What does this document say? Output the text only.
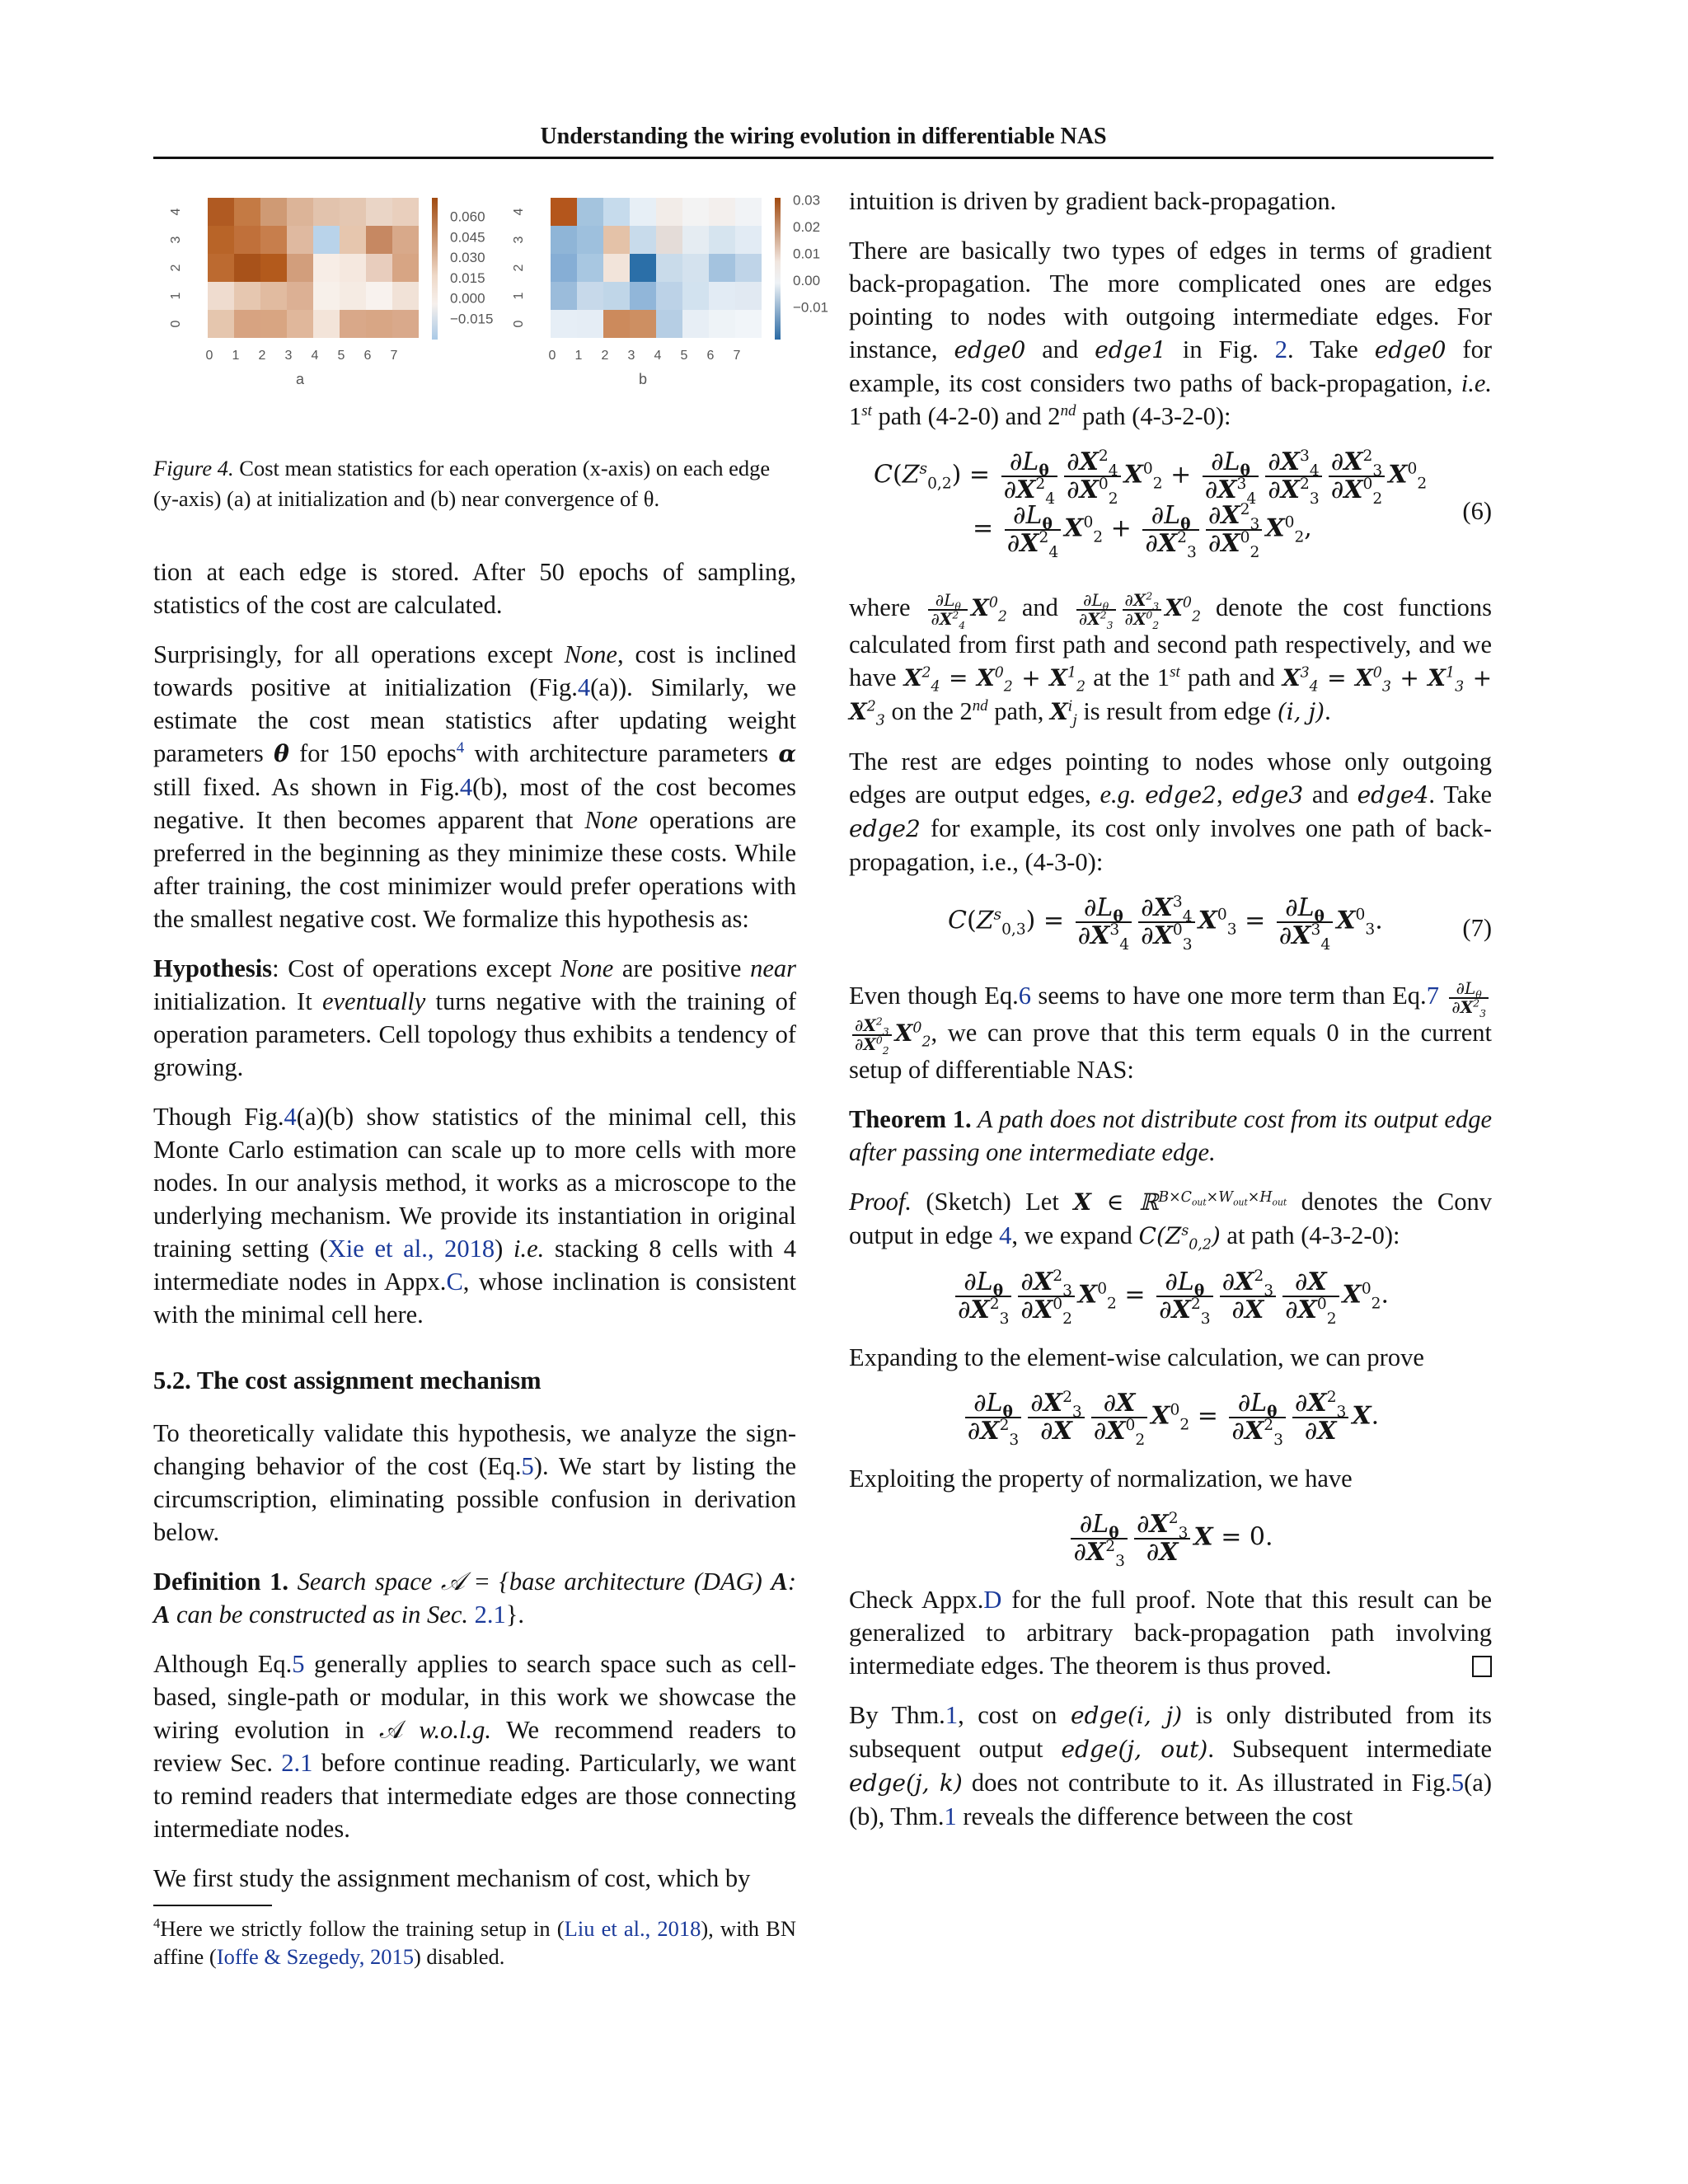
Understanding the wiring evolution in differentiable NAS
4
3
2
1
0
0 1 2 3 4 5 6 7
a
0.060
0.045
0.030
0.015
0.000
−0.015
4
3
2
1
0
0 1 2 3 4 5 6 7
b
0.03
0.02
0.01
0.00
−0.01
Figure 4. Cost mean statistics for each operation (x-axis) on each edge (y-axis) (a) at initialization and (b) near convergence of θ.

tion at each edge is stored. After 50 epochs of sampling, statistics of the cost are calculated.

Surprisingly, for all operations except None, cost is inclined towards positive at initialization (Fig.4(a)). Similarly, we estimate the cost mean statistics after updating weight parameters θ for 150 epochs$^4$ with architecture parameters α still fixed. As shown in Fig.4(b), most of the cost becomes negative. It then becomes apparent that None operations are preferred in the beginning as they minimize these costs. While after training, the cost minimizer would prefer operations with the smallest negative cost. We formalize this hypothesis as:

Hypothesis: Cost of operations except None are positive near initialization. It eventually turns negative with the training of operation parameters. Cell topology thus exhibits a tendency of growing.

Though Fig.4(a)(b) show statistics of the minimal cell, this Monte Carlo estimation can scale up to more cells with more nodes. In our analysis method, it works as a microscope to the underlying mechanism. We provide its instantiation in original training setting (Xie et al., 2018) i.e. stacking 8 cells with 4 intermediate nodes in Appx.C, whose inclination is consistent with the minimal cell here.

5.2. The cost assignment mechanism

To theoretically validate this hypothesis, we analyze the sign-changing behavior of the cost (Eq.5). We start by listing the circumscription, eliminating possible confusion in derivation below.

Definition 1. Search space 𝒜 = {base architecture (DAG) A: A can be constructed as in Sec. 2.1}.

Although Eq.5 generally applies to search space such as cell-based, single-path or modular, in this work we showcase the wiring evolution in 𝒜 w.o.l.g. We recommend readers to review Sec. 2.1 before continue reading. Particularly, we want to remind readers that intermediate edges are those connecting intermediate nodes.

We first study the assignment mechanism of cost, which by

$^4$Here we strictly follow the training setup in (Liu et al., 2018), with BN affine (Ioffe & Szegedy, 2015) disabled.

intuition is driven by gradient back-propagation.

There are basically two types of edges in terms of gradient back-propagation. The more complicated ones are edges pointing to nodes with outgoing intermediate edges. For instance, edge0 and edge1 in Fig. 2. Take edge0 for example, its cost considers two paths of back-propagation, i.e. 1st path (4-2-0) and 2nd path (4-3-2-0):

$C(Z^s_{0,2}) = \frac{\partial L_\theta}{\partial X^2_4} \frac{\partial X^2_4}{\partial X^0_2} X^0_2 + \frac{\partial L_\theta}{\partial X^3_4} \frac{\partial X^3_4}{\partial X^2_3} \frac{\partial X^2_3}{\partial X^0_2} X^0_2$
= $\frac{\partial L_\theta}{\partial X^2_4} X^0_2 + \frac{\partial L_\theta}{\partial X^2_3} \frac{\partial X^2_3}{\partial X^0_2} X^0_2$,
(6)

where $\frac{\partial L_\theta}{\partial X^2_4} X^0_2$ and $\frac{\partial L_\theta}{\partial X^2_3} \frac{\partial X^2_3}{\partial X^0_2} X^0_2$ denote the cost functions calculated from first path and second path respectively, and we have $X^2_4 = X^0_2 + X^1_2$ at the 1st path and $X^3_4 = X^0_3 + X^1_3 + X^2_3$ on the 2nd path, $X^i_j$ is result from edge (i, j).

The rest are edges pointing to nodes whose only outgoing edges are output edges, e.g. edge2, edge3 and edge4. Take edge2 for example, its cost only involves one path of back-propagation, i.e., (4-3-0):

$C(Z^s_{0,3}) = \frac{\partial L_\theta}{\partial X^3_4} \frac{\partial X^3_4}{\partial X^0_3} X^0_3 = \frac{\partial L_\theta}{\partial X^3_4} X^0_3$.	(7)

Even though Eq.6 seems to have one more term than $Eq.7 \frac{\partial L_\theta}{\partial X^2_3}$
$\frac{\partial X^2_3}{\partial X^0_2} X^0_2$, we can prove that this term equals 0 in the current setup of differentiable NAS:

Theorem 1. A path does not distribute cost from its output edge after passing one intermediate edge.

Proof. (Sketch) Let X ∈ ℝ$^{B\times C_{out}\times W_{out}\times H_{out}}$ denotes the Conv output in edge 4, we expand $C(Z^s_{0,2})$ at path (4-3-2-0):

$\frac{\partial L_\theta}{\partial X^2_3} \frac{\partial X^2_3}{\partial X^0_2} X^0_2 = \frac{\partial L_\theta}{\partial X^2_3} \frac{\partial X^2_3}{\partial X} \frac{\partial X}{\partial X^0_2} X^0_2$.

Expanding to the element-wise calculation, we can prove

$\frac{\partial L_\theta}{\partial X^2_3} \frac{\partial X^2_3}{\partial X} \frac{\partial X}{\partial X^0_2} X^0_2 = \frac{\partial L_\theta}{\partial X^2_3} \frac{\partial X^2_3}{\partial X} X$.

Exploiting the property of normalization, we have

$\frac{\partial L_\theta}{\partial X^2_3} \frac{\partial X^2_3}{\partial X}$ X = 0.

Check Appx.D for the full proof. Note that this result can be generalized to arbitrary back-propagation path involving intermediate edges. The theorem is thus proved.

By Thm.1, cost on edge(i, j) is only distributed from its subsequent output edge(j, out). Subsequent intermediate edge(j, k) does not contribute to it. As illustrated in Fig.5(a)(b), Thm.1 reveals the difference between the cost
